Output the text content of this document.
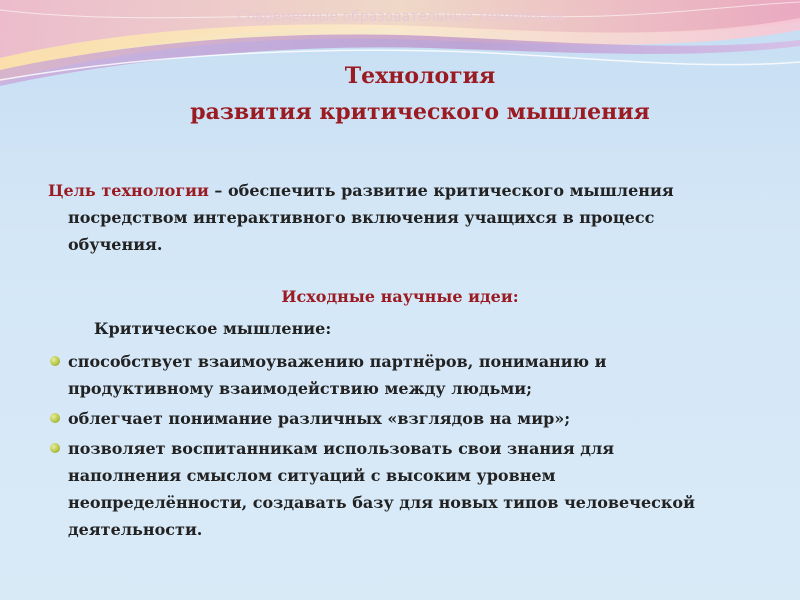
Современные образовательные технологии
Технология
развития критического мышления
Цель технологии – обеспечить развитие критического мышления
посредством интерактивного включения учащихся в процесс
обучения.
Исходные научные идеи:
Критическое мышление:
способствует взаимоуважению партнёров, пониманию и
продуктивному взаимодействию между людьми;
облегчает понимание различных «взглядов на мир»;
позволяет воспитанникам использовать свои знания для
наполнения смыслом ситуаций с высоким уровнем
неопределённости, создавать базу для новых типов человеческой
деятельности.
